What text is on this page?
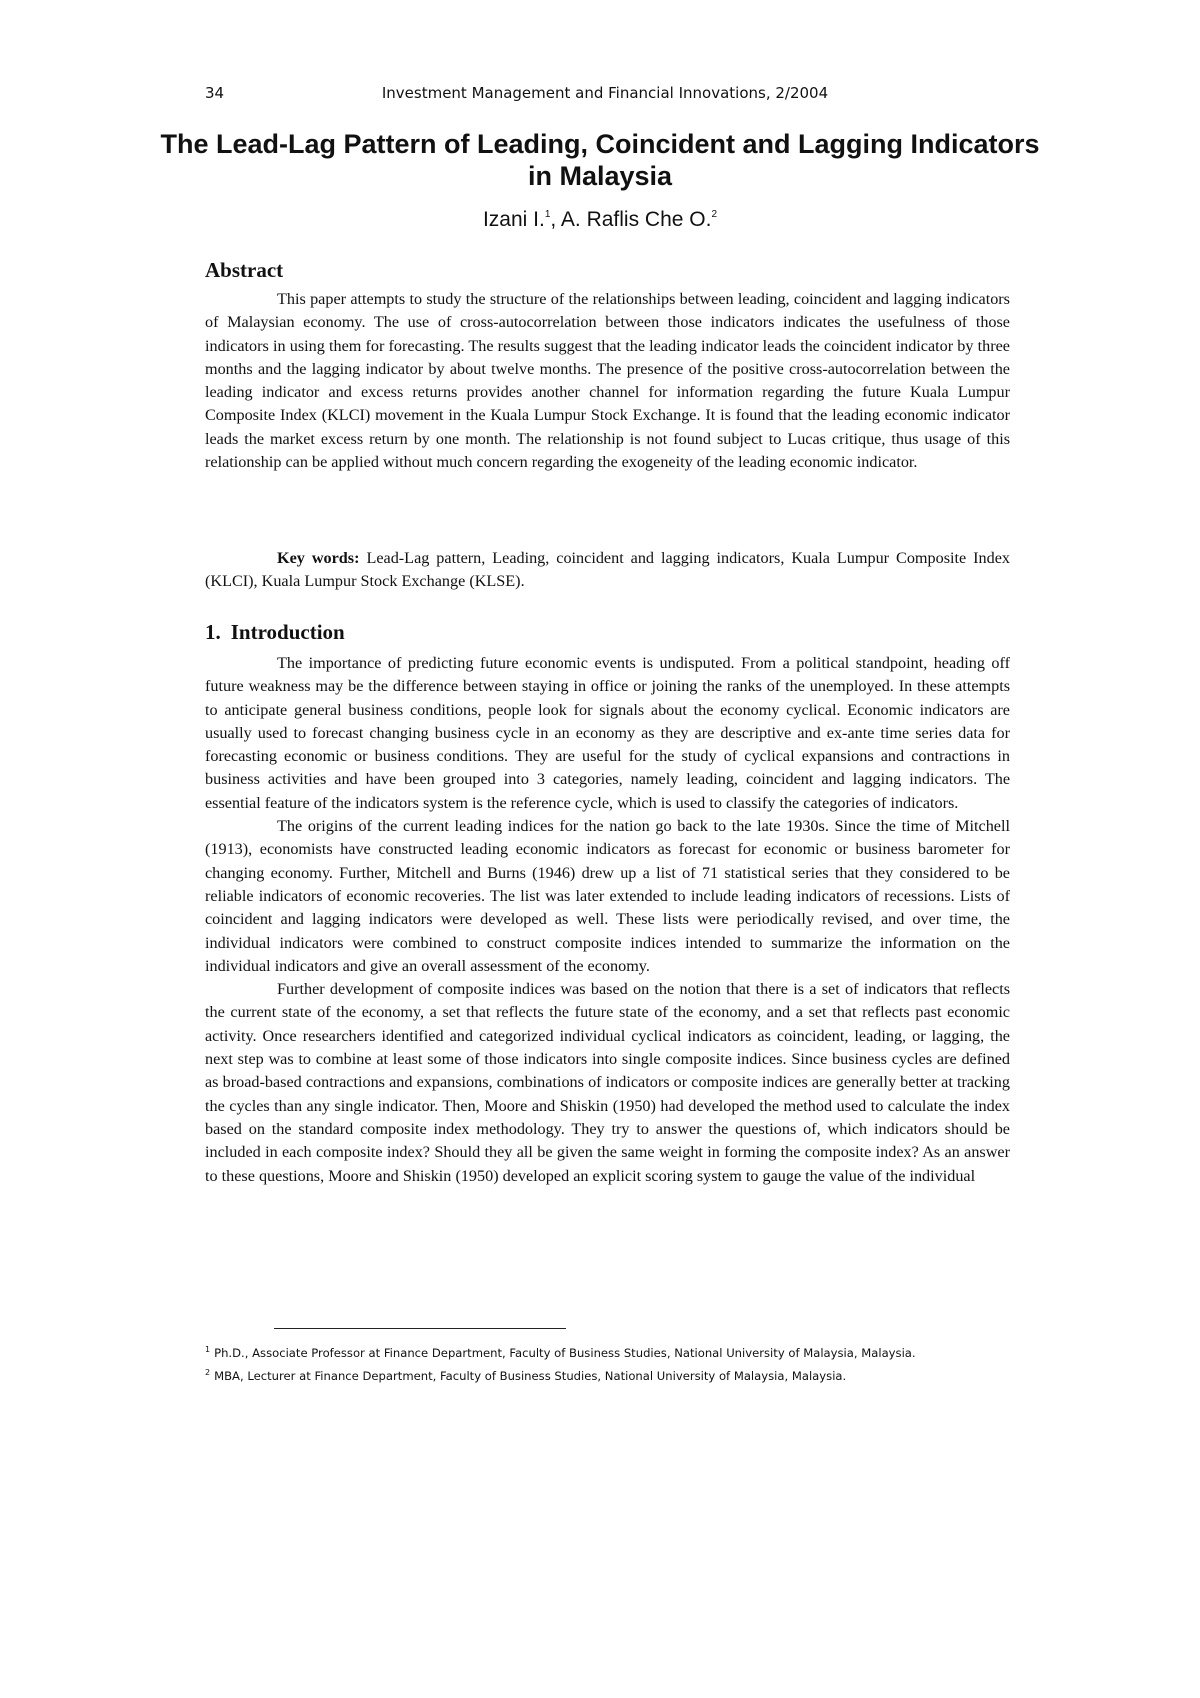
34	Investment Management and Financial Innovations, 2/2004
The Lead-Lag Pattern of Leading, Coincident and Lagging Indicators in Malaysia
Izani I.$^1$, A. Raflis Che O.$^2$
Abstract

This paper attempts to study the structure of the relationships between leading, coincident and lagging indicators of Malaysian economy. The use of cross-autocorrelation between those indicators indicates the usefulness of those indicators in using them for forecasting. The results suggest that the leading indicator leads the coincident indicator by three months and the lagging indicator by about twelve months. The presence of the positive cross-autocorrelation between the leading indicator and excess returns provides another channel for information regarding the future Kuala Lumpur Composite Index (KLCI) movement in the Kuala Lumpur Stock Exchange. It is found that the leading economic indicator leads the market excess return by one month. The relationship is not found subject to Lucas critique, thus usage of this relationship can be applied without much concern regarding the exogeneity of the leading economic indicator.

Key words: Lead-Lag pattern, Leading, coincident and lagging indicators, Kuala Lumpur Composite Index (KLCI), Kuala Lumpur Stock Exchange (KLSE).

1. Introduction

The importance of predicting future economic events is undisputed. From a political standpoint, heading off future weakness may be the difference between staying in office or joining the ranks of the unemployed. In these attempts to anticipate general business conditions, people look for signals about the economy cyclical. Economic indicators are usually used to forecast changing business cycle in an economy as they are descriptive and ex-ante time series data for forecasting economic or business conditions. They are useful for the study of cyclical expansions and contractions in business activities and have been grouped into 3 categories, namely leading, coincident and lagging indicators. The essential feature of the indicators system is the reference cycle, which is used to classify the categories of indicators.

The origins of the current leading indices for the nation go back to the late 1930s. Since the time of Mitchell (1913), economists have constructed leading economic indicators as forecast for economic or business barometer for changing economy. Further, Mitchell and Burns (1946) drew up a list of 71 statistical series that they considered to be reliable indicators of economic recoveries. The list was later extended to include leading indicators of recessions. Lists of coincident and lagging indicators were developed as well. These lists were periodically revised, and over time, the individual indicators were combined to construct composite indices intended to summarize the information on the individual indicators and give an overall assessment of the economy.

Further development of composite indices was based on the notion that there is a set of indicators that reflects the current state of the economy, a set that reflects the future state of the economy, and a set that reflects past economic activity. Once researchers identified and categorized individual cyclical indicators as coincident, leading, or lagging, the next step was to combine at least some of those indicators into single composite indices. Since business cycles are defined as broad-based contractions and expansions, combinations of indicators or composite indices are generally better at tracking the cycles than any single indicator. Then, Moore and Shiskin (1950) had developed the method used to calculate the index based on the standard composite index methodology. They try to answer the questions of, which indicators should be included in each composite index? Should they all be given the same weight in forming the composite index? As an answer to these questions, Moore and Shiskin (1950) developed an explicit scoring system to gauge the value of the individual

$^1$ Ph.D., Associate Professor at Finance Department, Faculty of Business Studies, National University of Malaysia, Malaysia.
$^2$ MBA, Lecturer at Finance Department, Faculty of Business Studies, National University of Malaysia, Malaysia.
